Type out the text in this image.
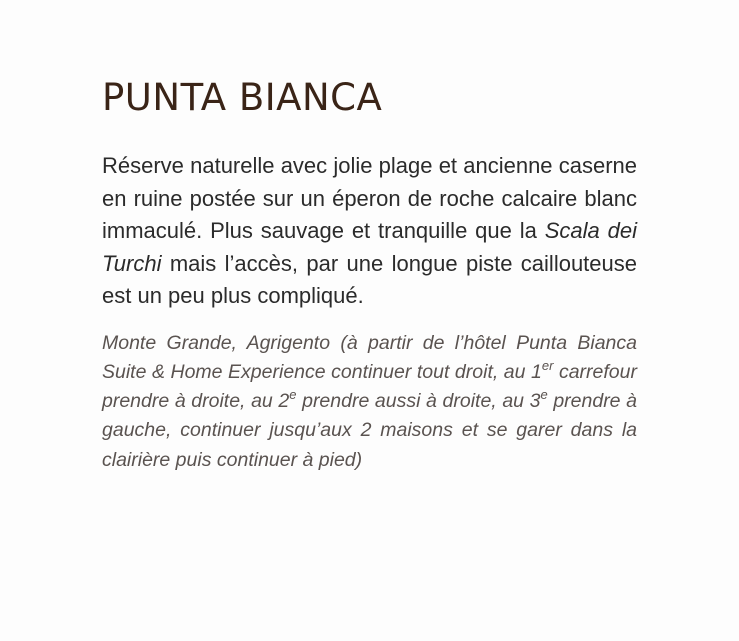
PUNTA BIANCA

Réserve naturelle avec jolie plage et ancienne caserne en ruine postée sur un éperon de roche calcaire blanc immaculé. Plus sauvage et tranquille que la Scala dei Turchi mais l’accès, par une longue piste caillouteuse est un peu plus compliqué.

Monte Grande, Agrigento (à partir de l’hôtel Punta Bianca Suite & Home Experience continuer tout droit, au 1er carrefour prendre à droite, au 2e prendre aussi à droite, au 3e prendre à gauche, continuer jusqu’aux 2 maisons et se garer dans la clairière puis continuer à pied)
